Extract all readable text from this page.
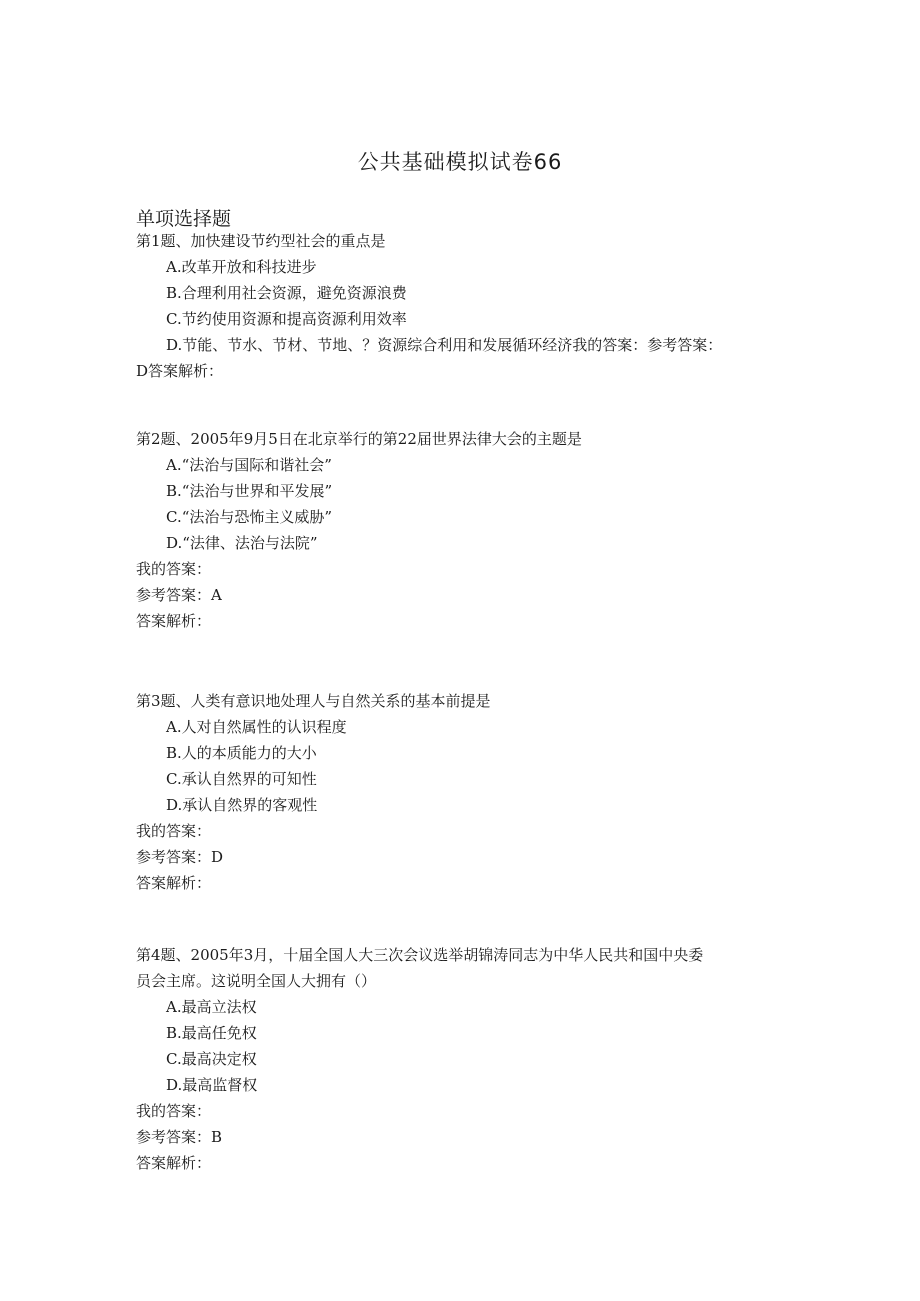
公共基础模拟试卷66
单项选择题
第1题、加快建设节约型社会的重点是
A.改革开放和科技进步
B.合理利用社会资源，避免资源浪费
C.节约使用资源和提高资源利用效率
D.节能、节水、节材、节地、？资源综合利用和发展循环经济我的答案：参考答案：
D答案解析：
第2题、2005年9月5日在北京举行的第22届世界法律大会的主题是
A.“法治与国际和谐社会”
B.“法治与世界和平发展”
C.“法治与恐怖主义威胁”
D.“法律、法治与法院”
我的答案：
参考答案：A
答案解析：
第3题、人类有意识地处理人与自然关系的基本前提是
A.人对自然属性的认识程度
B.人的本质能力的大小
C.承认自然界的可知性
D.承认自然界的客观性
我的答案：
参考答案：D
答案解析：
第4题、2005年3月，十届全国人大三次会议选举胡锦涛同志为中华人民共和国中央委
员会主席。这说明全国人大拥有（）
A.最高立法权
B.最高任免权
C.最高决定权
D.最高监督权
我的答案：
参考答案：B
答案解析：
